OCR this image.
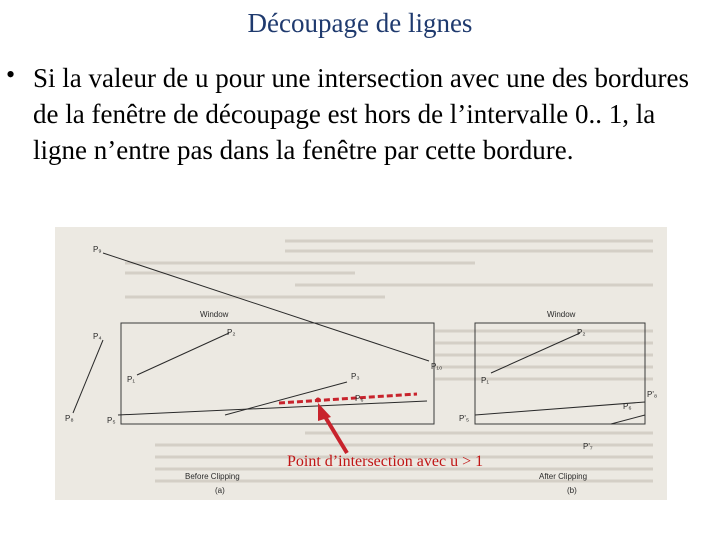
Découpage de lignes
• Si la valeur de u pour une intersection avec une des bordures de la fenêtre de découpage est hors de l’intervalle 0.. 1, la ligne n’entre pas dans la fenêtre par cette bordure.
P₉
P₁₀
P₂
P₁
P₄
P₈	P₅
P₃
P₆
Window
Before Clipping
(a)
P₂
P₁
P'₅
P₆
P'₈
P'₇
Window
After Clipping
(b)
Point d’intersection avec u > 1
